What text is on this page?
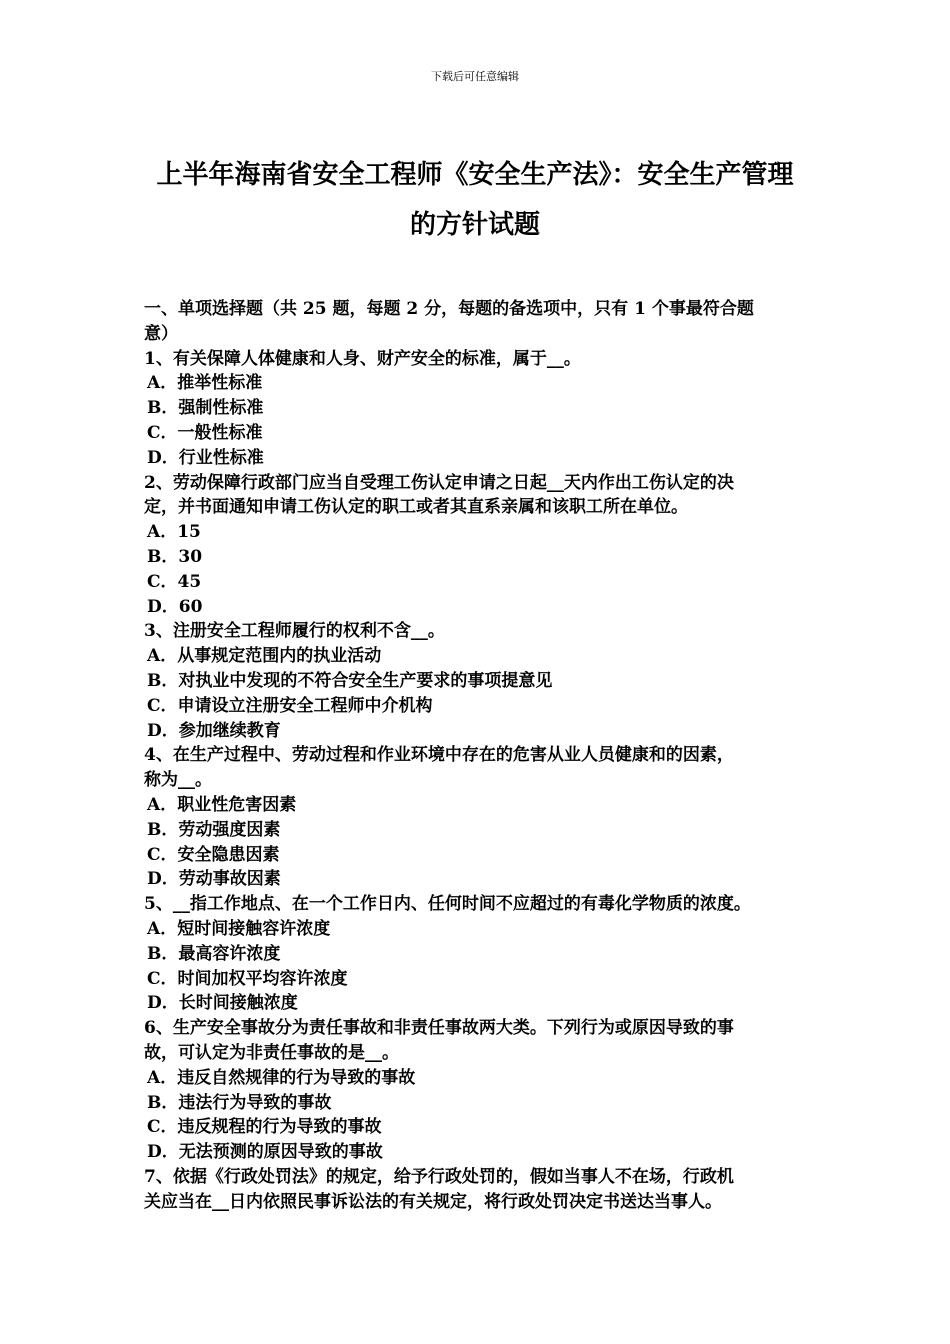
下载后可任意编辑
上半年海南省安全工程师《安全生产法》：安全生产管理
的方针试题
一、单项选择题（共 25 题，每题 2 分，每题的备选项中，只有 1 个事最符合题
意）
1、有关保障人体健康和人身、财产安全的标准，属于__。
A．推举性标准
B．强制性标准
C．一般性标准
D．行业性标准
2、劳动保障行政部门应当自受理工伤认定申请之日起__天内作出工伤认定的决
定，并书面通知申请工伤认定的职工或者其直系亲属和该职工所在单位。
A．15
B．30
C．45
D．60
3、注册安全工程师履行的权利不含__。
A．从事规定范围内的执业活动
B．对执业中发现的不符合安全生产要求的事项提意见
C．申请设立注册安全工程师中介机构
D．参加继续教育
4、在生产过程中、劳动过程和作业环境中存在的危害从业人员健康和的因素，
称为__。
A．职业性危害因素
B．劳动强度因素
C．安全隐患因素
D．劳动事故因素
5、__指工作地点、在一个工作日内、任何时间不应超过的有毒化学物质的浓度。
A．短时间接触容许浓度
B．最高容许浓度
C．时间加权平均容许浓度
D．长时间接触浓度
6、生产安全事故分为责任事故和非责任事故两大类。下列行为或原因导致的事
故，可认定为非责任事故的是__。
A．违反自然规律的行为导致的事故
B．违法行为导致的事故
C．违反规程的行为导致的事故
D．无法预测的原因导致的事故
7、依据《行政处罚法》的规定，给予行政处罚的，假如当事人不在场，行政机
关应当在__日内依照民事诉讼法的有关规定，将行政处罚决定书送达当事人。
